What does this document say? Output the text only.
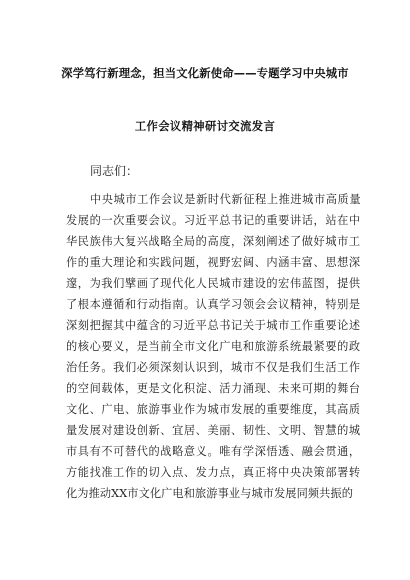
深学笃行新理念，担当文化新使命——专题学习中央城市
工作会议精神研讨交流发言
同志们：
中央城市工作会议是新时代新征程上推进城市高质量
发展的一次重要会议。习近平总书记的重要讲话，站在中
华民族伟大复兴战略全局的高度，深刻阐述了做好城市工
作的重大理论和实践问题，视野宏阔、内涵丰富、思想深
邃，为我们擘画了现代化人民城市建设的宏伟蓝图，提供
了根本遵循和行动指南。认真学习领会会议精神，特别是
深刻把握其中蕴含的习近平总书记关于城市工作重要论述
的核心要义，是当前全市文化广电和旅游系统最紧要的政
治任务。我们必须深刻认识到，城市不仅是我们生活工作
的空间载体，更是文化积淀、活力涌现、未来可期的舞台
文化、广电、旅游事业作为城市发展的重要维度，其高质
量发展对建设创新、宜居、美丽、韧性、文明、智慧的城
市具有不可替代的战略意义。唯有学深悟透、融会贯通，
方能找准工作的切入点、发力点，真正将中央决策部署转
化为推动XX市文化广电和旅游事业与城市发展同频共振的
